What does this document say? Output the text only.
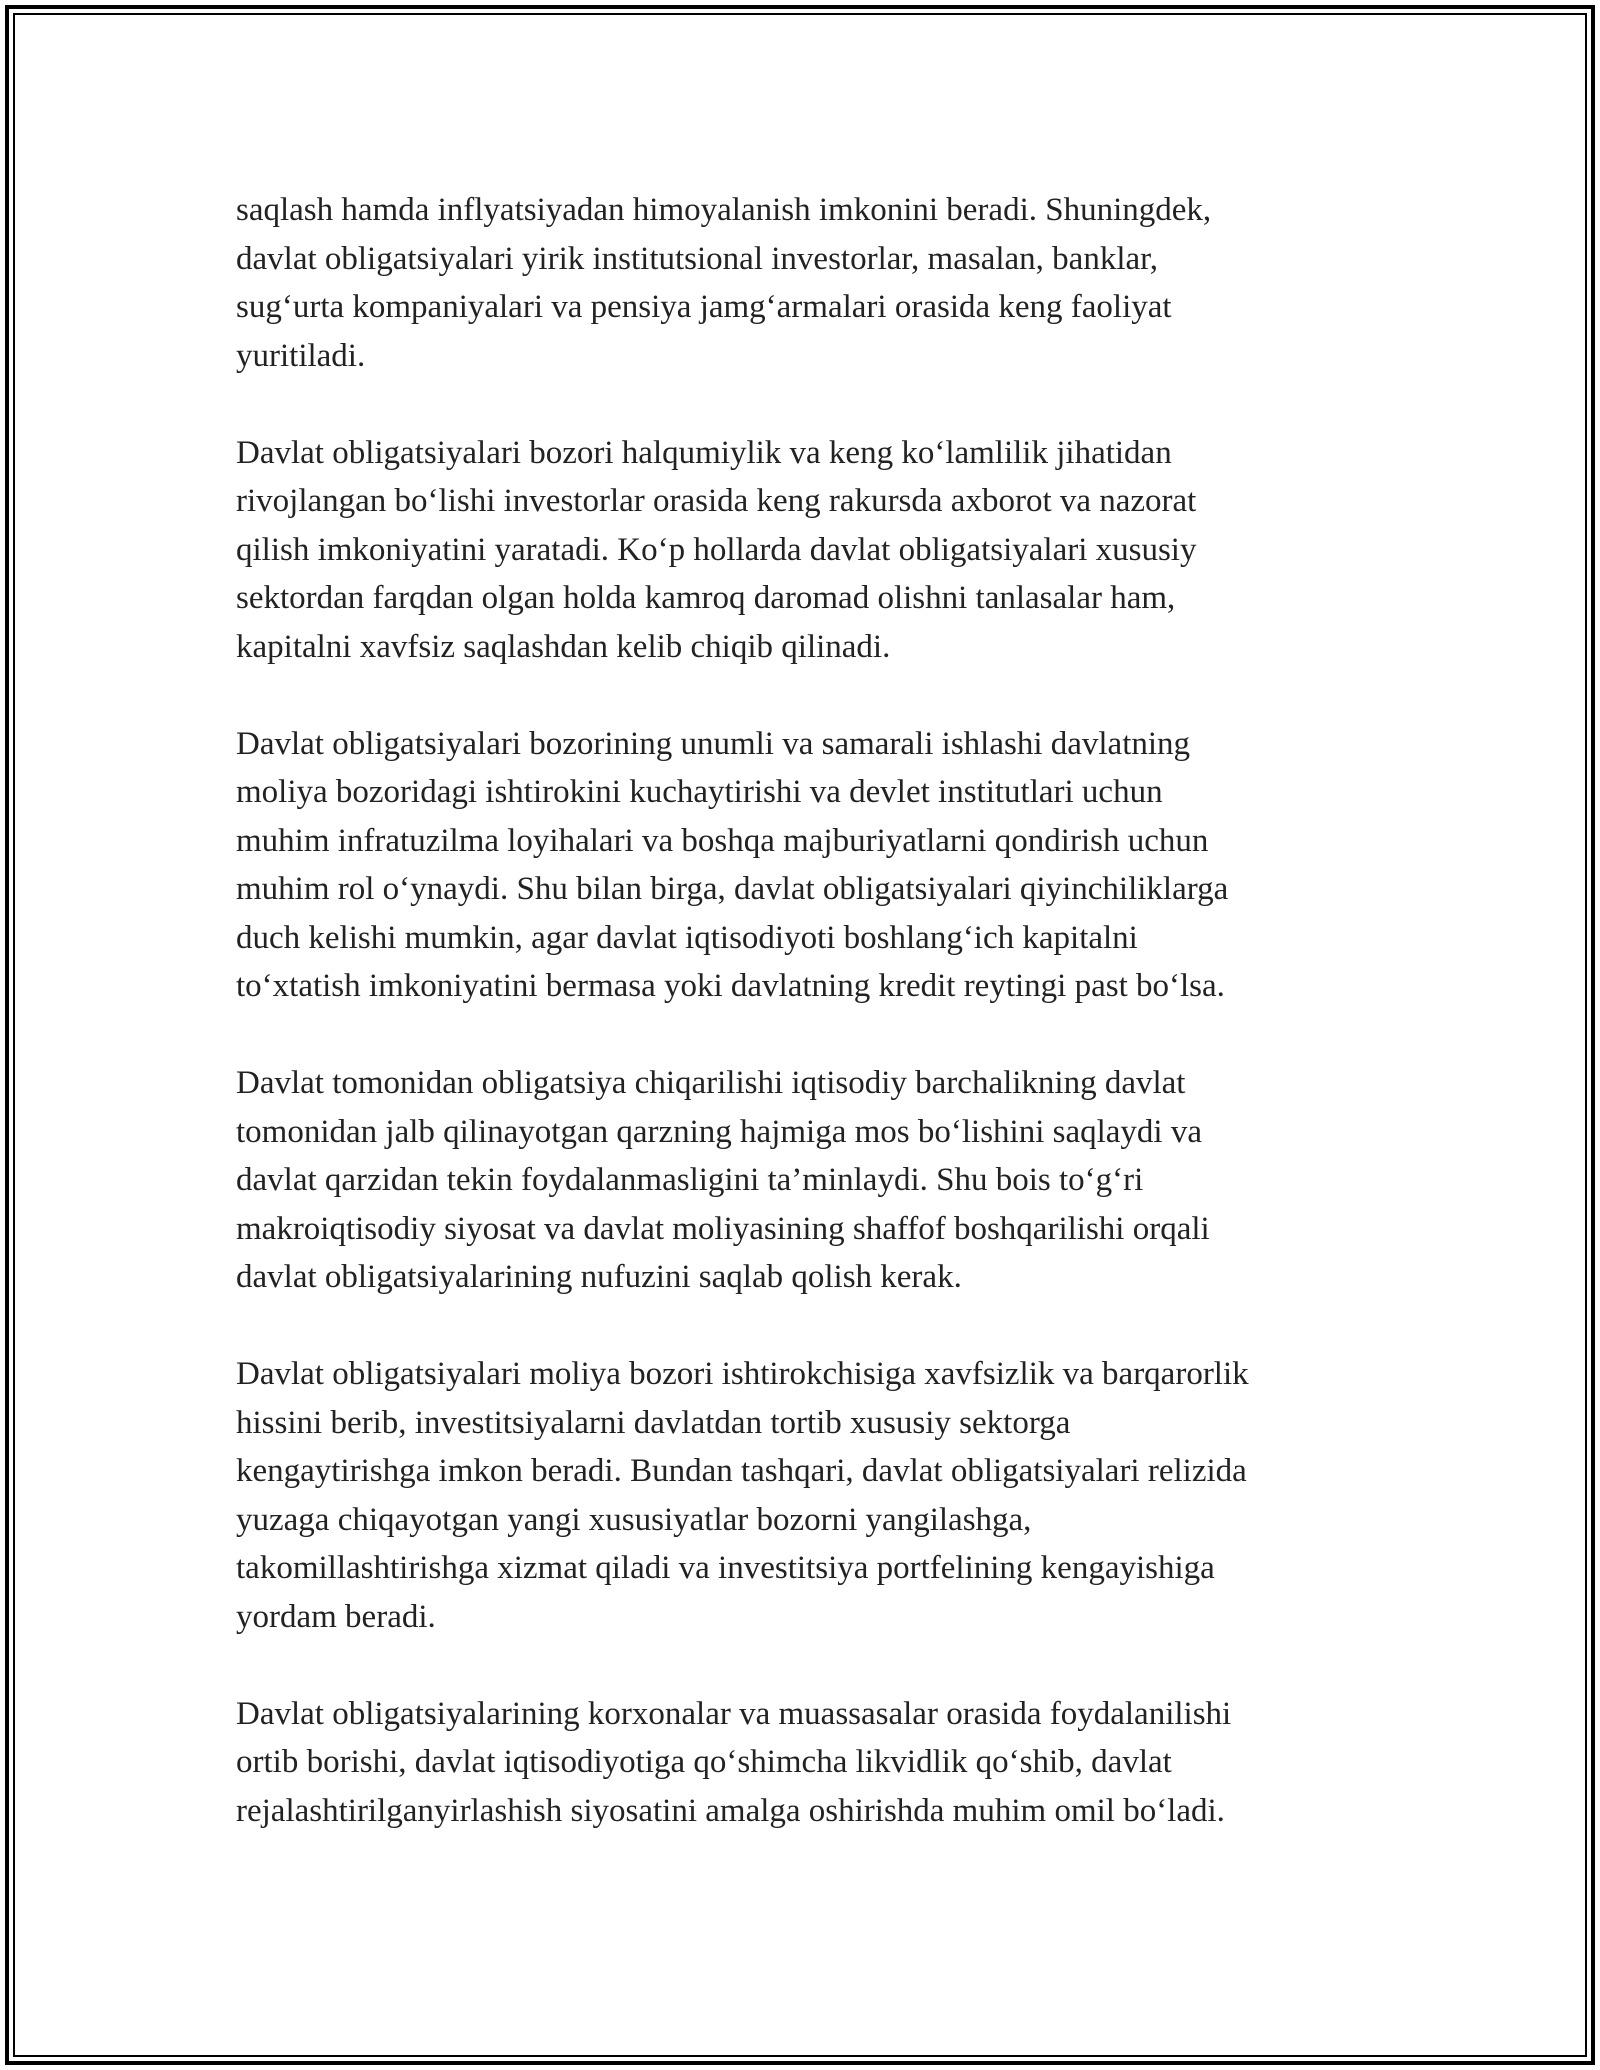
saqlash hamda inflyatsiyadan himoyalanish imkonini beradi. Shuningdek,
davlat obligatsiyalari yirik institutsional investorlar, masalan, banklar,
sug‘urta kompaniyalari va pensiya jamg‘armalari orasida keng faoliyat
yuritiladi.

Davlat obligatsiyalari bozori halqumiylik va keng ko‘lamlilik jihatidan
rivojlangan bo‘lishi investorlar orasida keng rakursda axborot va nazorat
qilish imkoniyatini yaratadi. Ko‘p hollarda davlat obligatsiyalari xususiy
sektordan farqdan olgan holda kamroq daromad olishni tanlasalar ham,
kapitalni xavfsiz saqlashdan kelib chiqib qilinadi.

Davlat obligatsiyalari bozorining unumli va samarali ishlashi davlatning
moliya bozoridagi ishtirokini kuchaytirishi va devlet institutlari uchun
muhim infratuzilma loyihalari va boshqa majburiyatlarni qondirish uchun
muhim rol o‘ynaydi. Shu bilan birga, davlat obligatsiyalari qiyinchiliklarga
duch kelishi mumkin, agar davlat iqtisodiyoti boshlang‘ich kapitalni
to‘xtatish imkoniyatini bermasa yoki davlatning kredit reytingi past bo‘lsa.

Davlat tomonidan obligatsiya chiqarilishi iqtisodiy barchalikning davlat
tomonidan jalb qilinayotgan qarzning hajmiga mos bo‘lishini saqlaydi va
davlat qarzidan tekin foydalanmasligini ta’minlaydi. Shu bois to‘g‘ri
makroiqtisodiy siyosat va davlat moliyasining shaffof boshqarilishi orqali
davlat obligatsiyalarining nufuzini saqlab qolish kerak.

Davlat obligatsiyalari moliya bozori ishtirokchisiga xavfsizlik va barqarorlik
hissini berib, investitsiyalarni davlatdan tortib xususiy sektorga
kengaytirishga imkon beradi. Bundan tashqari, davlat obligatsiyalari relizida
yuzaga chiqayotgan yangi xususiyatlar bozorni yangilashga,
takomillashtirishga xizmat qiladi va investitsiya portfelining kengayishiga
yordam beradi.

Davlat obligatsiyalarining korxonalar va muassasalar orasida foydalanilishi
ortib borishi, davlat iqtisodiyotiga qo‘shimcha likvidlik qo‘shib, davlat
rejalashtirilganyirlashish siyosatini amalga oshirishda muhim omil bo‘ladi.
